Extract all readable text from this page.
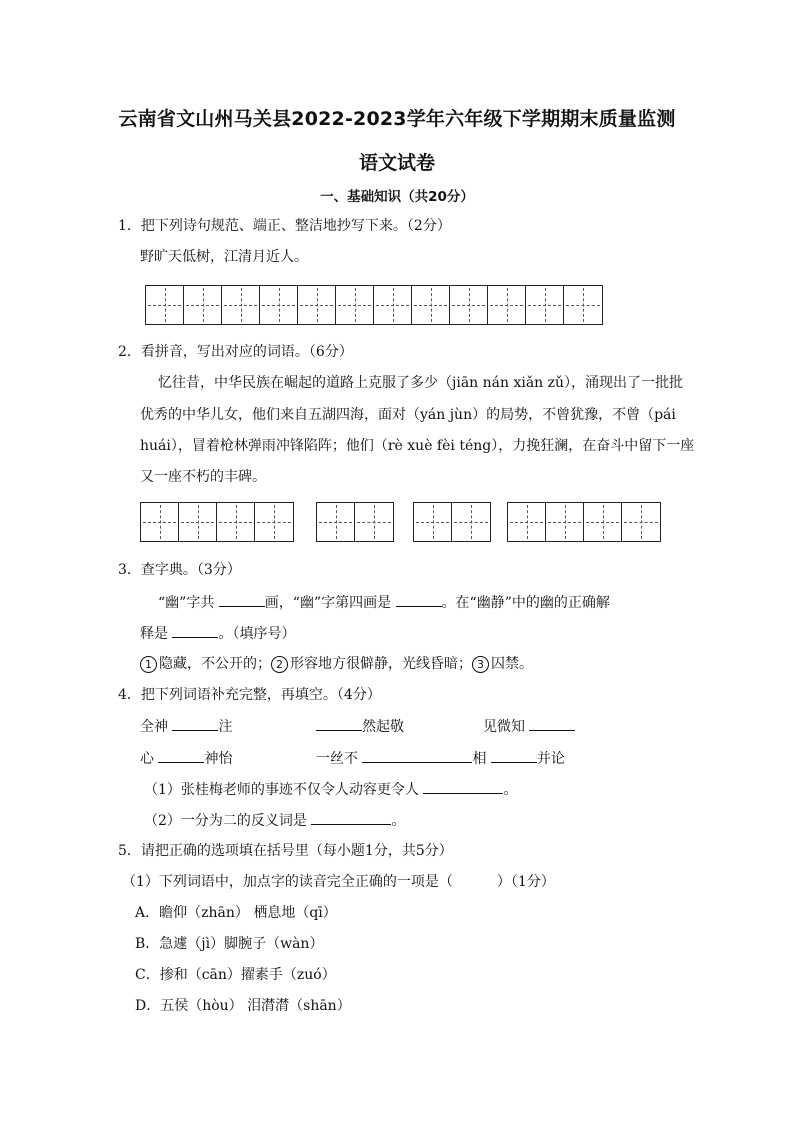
云南省文山州马关县2022-2023学年六年级下学期期末质量监测
语文试卷
一、基础知识（共20分）
1．把下列诗句规范、端正、整洁地抄写下来。（2分）
野旷天低树，江清月近人。
2．看拼音，写出对应的词语。（6分）
忆往昔，中华民族在崛起的道路上克服了多少（jiān nán xiǎn zǔ），涌现出了一批批
优秀的中华儿女，他们来自五湖四海，面对（yán jùn）的局势，不曾犹豫，不曾（pái
huái），冒着枪林弹雨冲锋陷阵；他们（rè xuè fèi téng），力挽狂澜，在奋斗中留下一座
又一座不朽的丰碑。
3．查字典。（3分）
“幽”字共	画，“幽”字第四画是	。在“幽静”中的幽的正确解
释是	。（填序号）
1 隐藏，不公开的； 2 形容地方很僻静，光线昏暗； 3 囚禁。
4．把下列词语补充完整，再填空。（4分）
全神	注	然起敬	见微知
心	神怡	一丝不	相	并论
（1）张桂梅老师的事迹不仅令人动容更令人	。
（2）一分为二的反义词是	。
5．请把正确的选项填在括号里（每小题1分，共5分）
（1）下列词语中，加点字的读音完全正确的一项是（	）（1分）
A．瞻仰（zhān） 栖息地（qī）
B．急遽（jì）脚腕子（wàn）
C．掺和（cān）擢素手（zuó）
D．五侯（hòu） 泪潸潸（shān）
